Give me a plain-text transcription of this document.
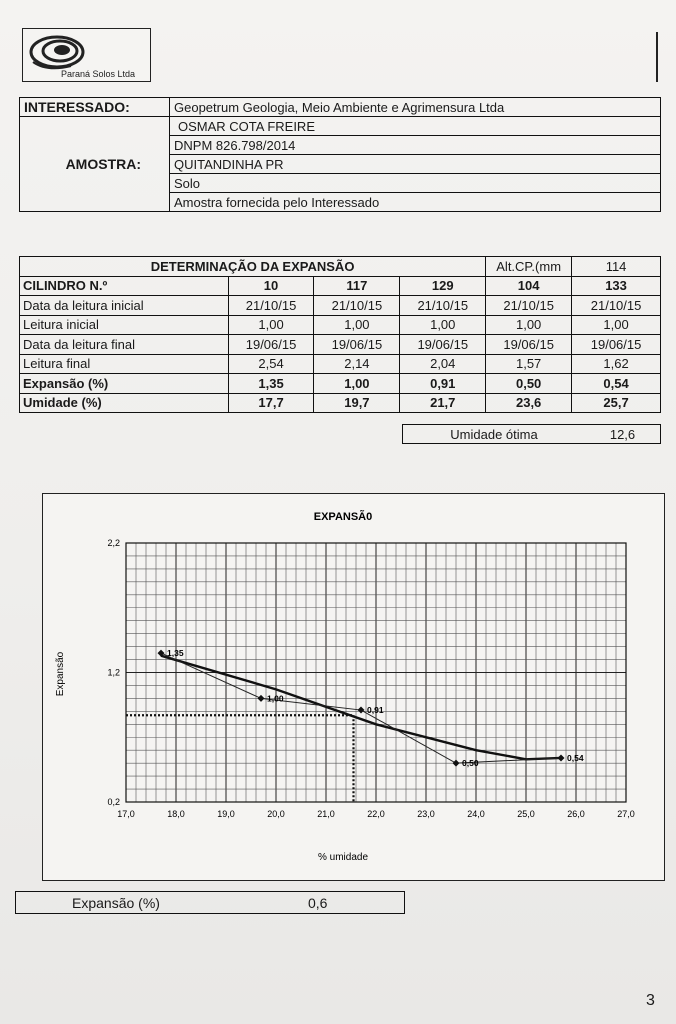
Paraná Solos Ltda
INTERESSADO:	Geopetrum Geologia, Meio Ambiente e Agrimensura Ltda
AMOSTRA:	OSMAR COTA FREIRE
	DNPM 826.798/2014
	QUITANDINHA PR
	Solo
	Amostra fornecida pelo Interessado
DETERMINAÇÃO DA EXPANSÃO				Alt.CP.(mm	114
CILINDRO N.º	10	117	129	104	133
Data da leitura inicial	21/10/15	21/10/15	21/10/15	21/10/15	21/10/15
Leitura inicial	1,00	1,00	1,00	1,00	1,00
Data da leitura final	19/06/15	19/06/15	19/06/15	19/06/15	19/06/15
Leitura final	2,54	2,14	2,04	1,57	1,62
Expansão (%)	1,35	1,00	0,91	0,50	0,54
Umidade (%)	17,7	19,7	21,7	23,6	25,7
Umidade ótima	12,6
17,0	18,0	19,0	20,0	21,0	22,0	23,0	24,0	25,0	26,0	27,0
0,2
1,2
2,2
1,35
1,00
0,91
0,50
0,54
EXPANSÃ0
% umidade
Expansão
Expansão (%)	0,6
3
